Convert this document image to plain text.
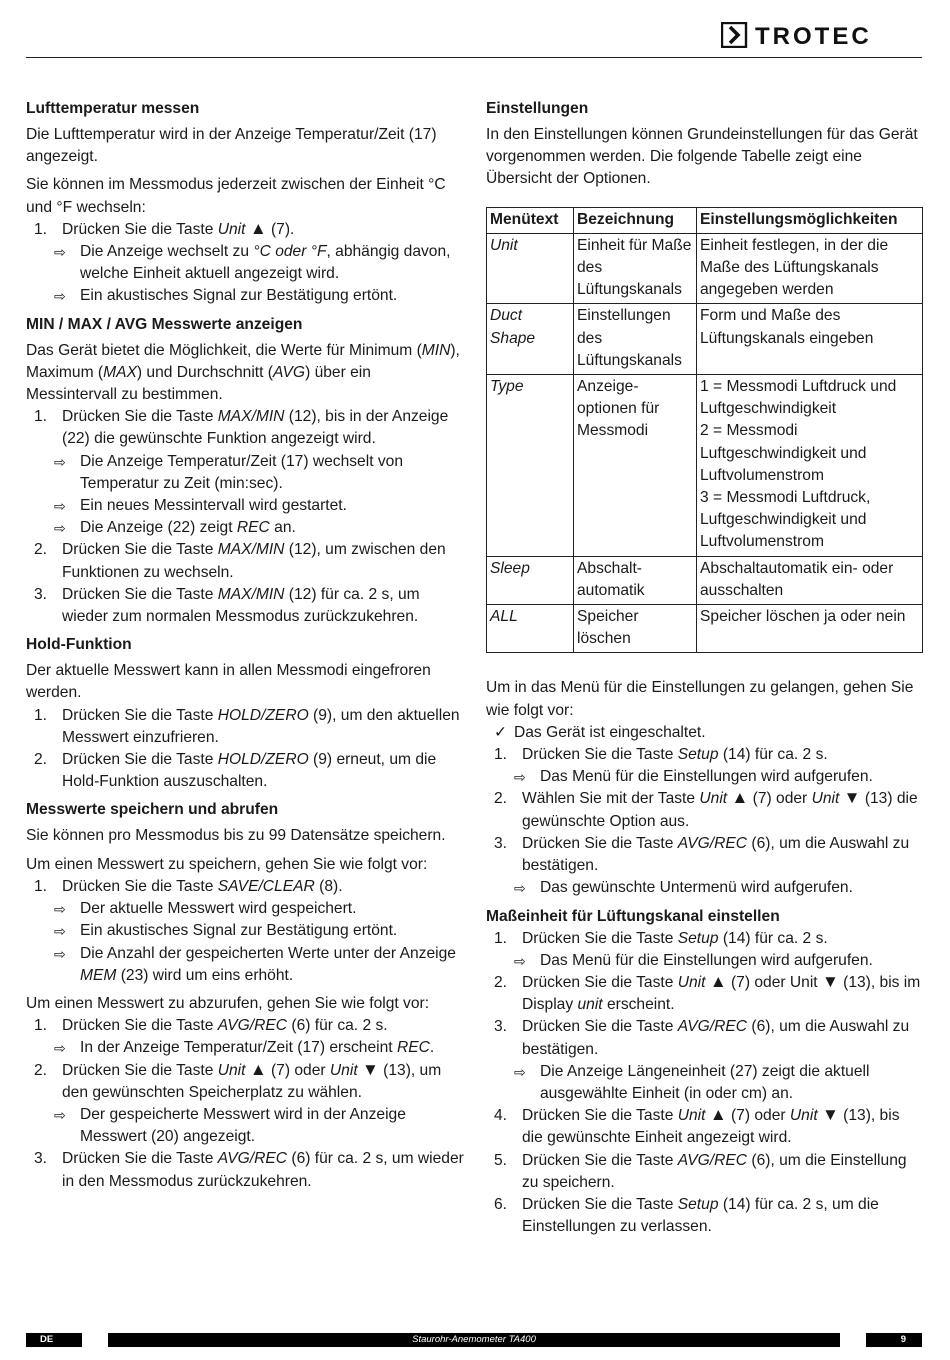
TROTEC
Lufttemperatur messen

Die Lufttemperatur wird in der Anzeige Temperatur/Zeit (17) angezeigt.

Sie können im Messmodus jederzeit zwischen der Einheit °C und °F wechseln:

1. Drücken Sie die Taste Unit ▲ (7).
⇨ Die Anzeige wechselt zu °C oder °F, abhängig davon, welche Einheit aktuell angezeigt wird.
⇨ Ein akustisches Signal zur Bestätigung ertönt.
MIN / MAX / AVG Messwerte anzeigen

Das Gerät bietet die Möglichkeit, die Werte für Minimum (MIN), Maximum (MAX) und Durchschnitt (AVG) über ein Messintervall zu bestimmen.

1. Drücken Sie die Taste MAX/MIN (12), bis in der Anzeige (22) die gewünschte Funktion angezeigt wird.
⇨ Die Anzeige Temperatur/Zeit (17) wechselt von Temperatur zu Zeit (min:sec).
⇨ Ein neues Messintervall wird gestartet.
⇨ Die Anzeige (22) zeigt REC an.
2. Drücken Sie die Taste MAX/MIN (12), um zwischen den Funktionen zu wechseln.
3. Drücken Sie die Taste MAX/MIN (12) für ca. 2 s, um wieder zum normalen Messmodus zurückzukehren.
Hold-Funktion

Der aktuelle Messwert kann in allen Messmodi eingefroren werden.

1. Drücken Sie die Taste HOLD/ZERO (9), um den aktuellen Messwert einzufrieren.
2. Drücken Sie die Taste HOLD/ZERO (9) erneut, um die Hold-Funktion auszuschalten.
Messwerte speichern und abrufen

Sie können pro Messmodus bis zu 99 Datensätze speichern.

Um einen Messwert zu speichern, gehen Sie wie folgt vor:

1. Drücken Sie die Taste SAVE/CLEAR (8).
⇨ Der aktuelle Messwert wird gespeichert.
⇨ Ein akustisches Signal zur Bestätigung ertönt.
⇨ Die Anzahl der gespeicherten Werte unter der Anzeige MEM (23) wird um eins erhöht.

Um einen Messwert zu abzurufen, gehen Sie wie folgt vor:

1. Drücken Sie die Taste AVG/REC (6) für ca. 2 s.
⇨ In der Anzeige Temperatur/Zeit (17) erscheint REC.
2. Drücken Sie die Taste Unit ▲ (7) oder Unit ▼ (13), um den gewünschten Speicherplatz zu wählen.
⇨ Der gespeicherte Messwert wird in der Anzeige Messwert (20) angezeigt.
3. Drücken Sie die Taste AVG/REC (6) für ca. 2 s, um wieder in den Messmodus zurückzukehren.
Einstellungen

In den Einstellungen können Grundeinstellungen für das Gerät vorgenommen werden. Die folgende Tabelle zeigt eine Übersicht der Optionen.

Menütext	Bezeichnung	Einstellungsmöglichkeiten
Unit	Einheit für Maße des Lüftungskanals	Einheit festlegen, in der die Maße des Lüftungskanals angegeben werden
Duct Shape	Einstellungen des Lüftungskanals	Form und Maße des Lüftungskanals eingeben
Type	Anzeige-optionen für Messmodi	1 = Messmodi Luftdruck und Luftgeschwindigkeit
2 = Messmodi Luftgeschwindigkeit und Luftvolumenstrom
3 = Messmodi Luftdruck, Luftgeschwindigkeit und Luftvolumenstrom
Sleep	Abschalt-automatik	Abschaltautomatik ein- oder ausschalten
ALL	Speicher löschen	Speicher löschen ja oder nein

Um in das Menü für die Einstellungen zu gelangen, gehen Sie wie folgt vor:

✓ Das Gerät ist eingeschaltet.
1. Drücken Sie die Taste Setup (14) für ca. 2 s.
⇨ Das Menü für die Einstellungen wird aufgerufen.
2. Wählen Sie mit der Taste Unit ▲ (7) oder Unit ▼ (13) die gewünschte Option aus.
3. Drücken Sie die Taste AVG/REC (6), um die Auswahl zu bestätigen.
⇨ Das gewünschte Untermenü wird aufgerufen.
Maßeinheit für Lüftungskanal einstellen
1. Drücken Sie die Taste Setup (14) für ca. 2 s.
⇨ Das Menü für die Einstellungen wird aufgerufen.
2. Drücken Sie die Taste Unit ▲ (7) oder Unit ▼ (13), bis im Display unit erscheint.
3. Drücken Sie die Taste AVG/REC (6), um die Auswahl zu bestätigen.
⇨ Die Anzeige Längeneinheit (27) zeigt die aktuell ausgewählte Einheit (in oder cm) an.
4. Drücken Sie die Taste Unit ▲ (7) oder Unit ▼ (13), bis die gewünschte Einheit angezeigt wird.
5. Drücken Sie die Taste AVG/REC (6), um die Einstellung zu speichern.
6. Drücken Sie die Taste Setup (14) für ca. 2 s, um die Einstellungen zu verlassen.
DE	Staurohr-Anemometer TA400	9
